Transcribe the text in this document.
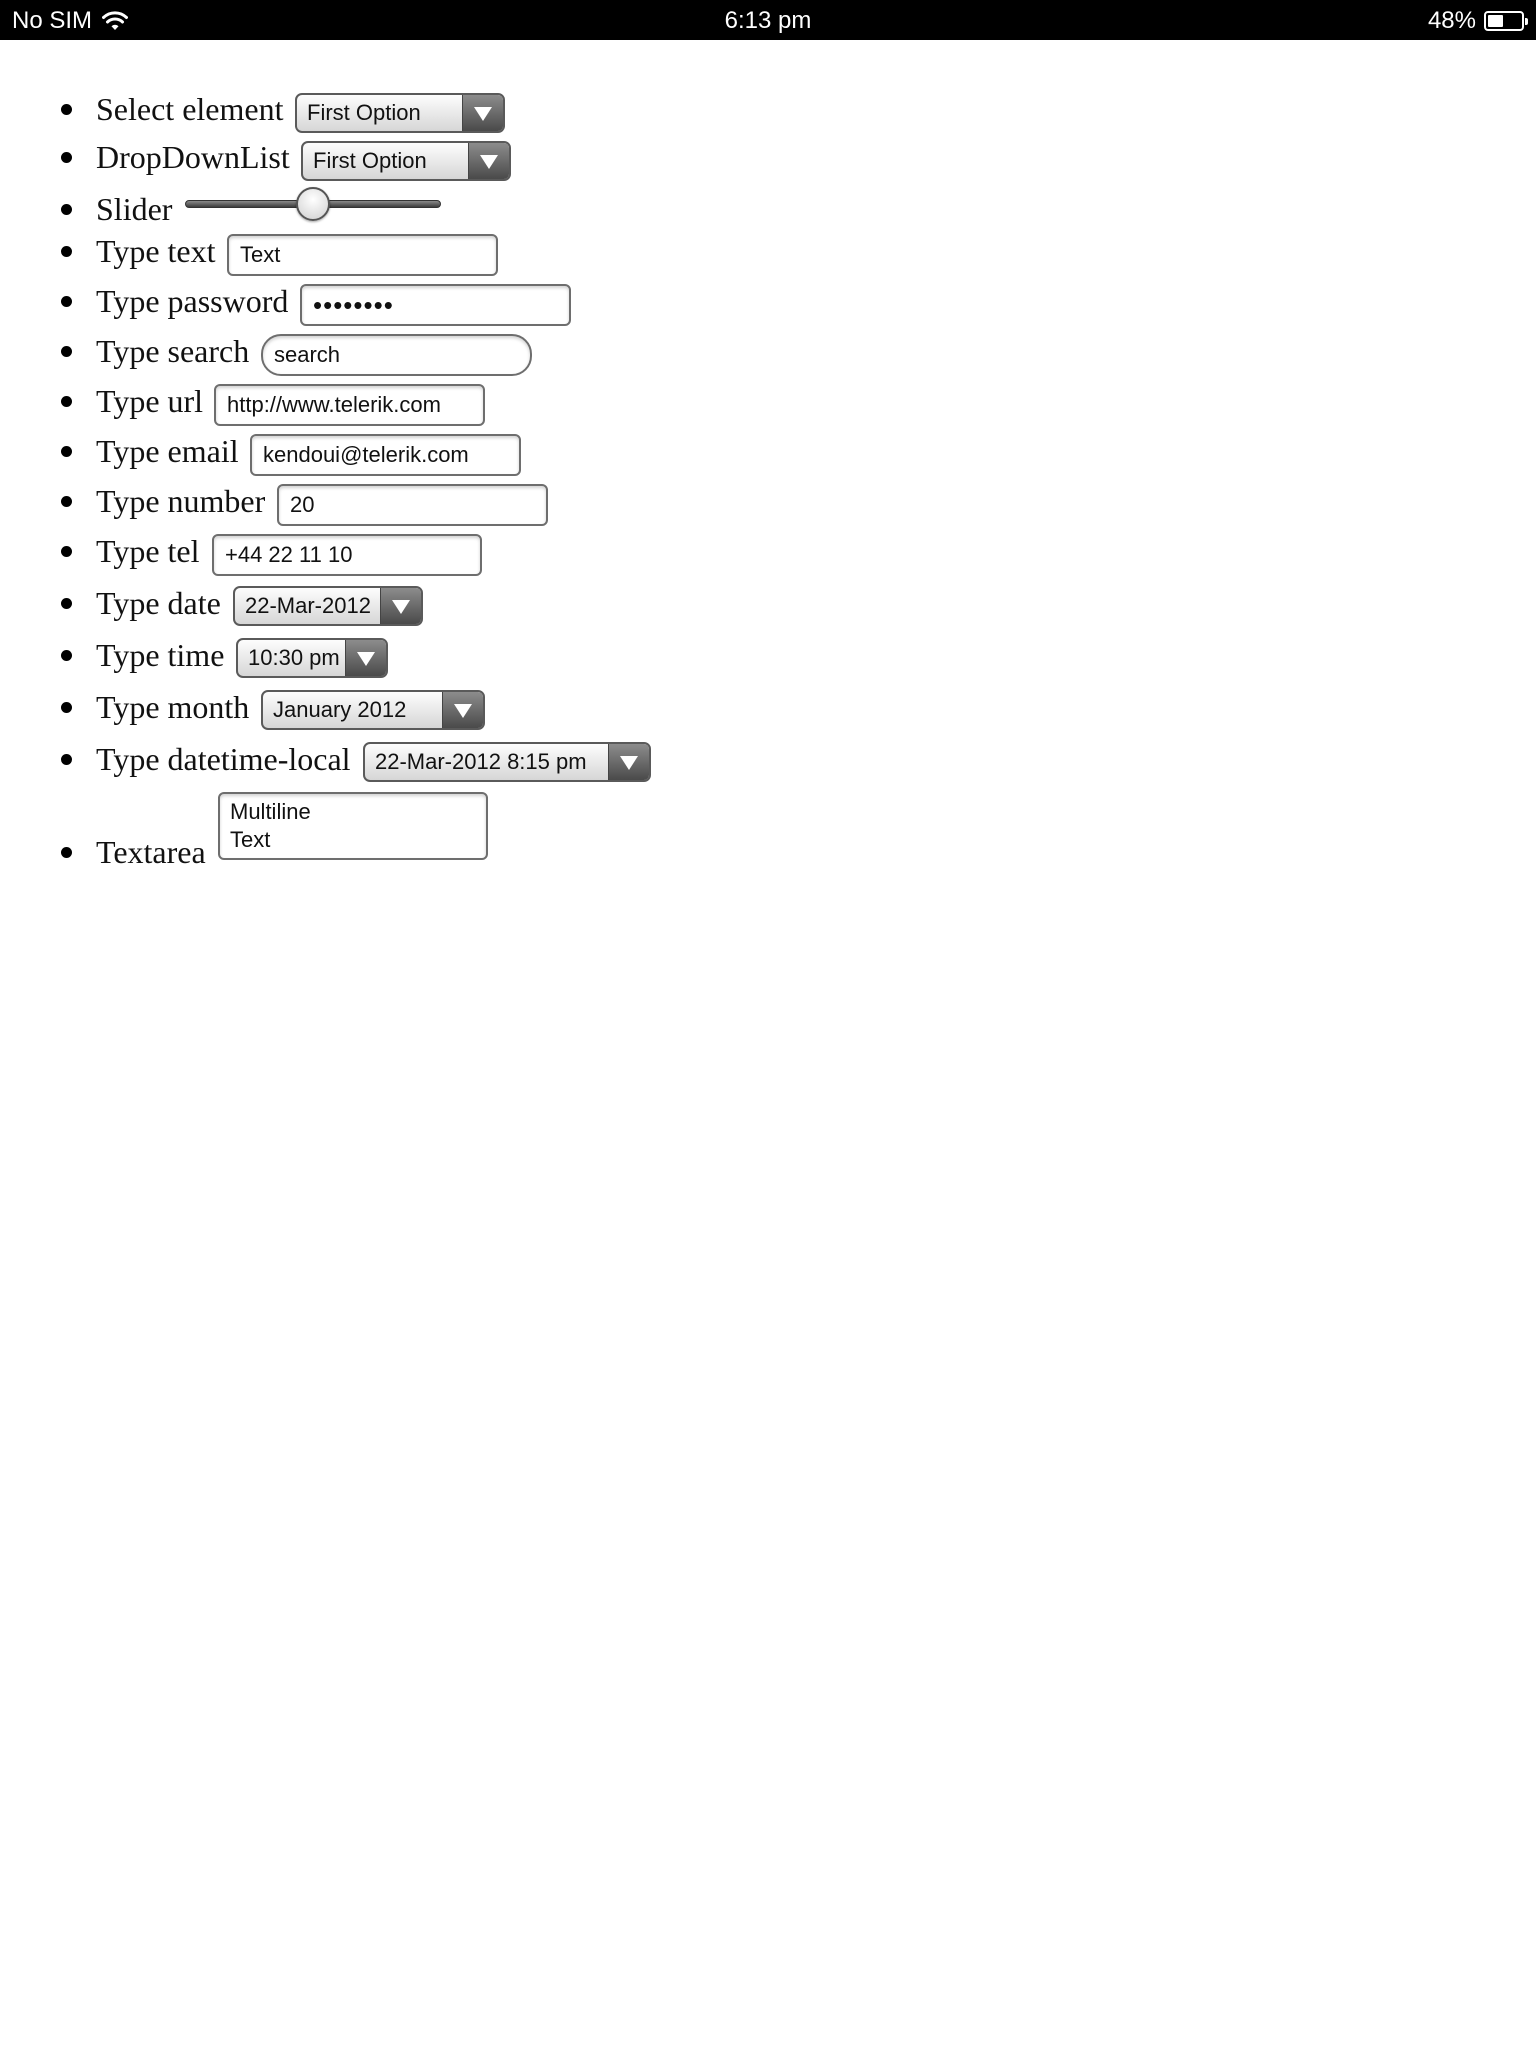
No SIM	6:13 pm	48%
Select element	First Option
DropDownList	First Option
Slider
Type text	Text
Type password ••••••••
Type search	search
Type url	http://www.telerik.com
Type email	kendoui@telerik.com
Type number	20
Type tel	+44 22 11 10
Type date	22-Mar-2012
Type time	10:30 pm
Type month	January 2012
Type datetime-local	22-Mar-2012 8:15 pm
Textarea
Multiline
Text
